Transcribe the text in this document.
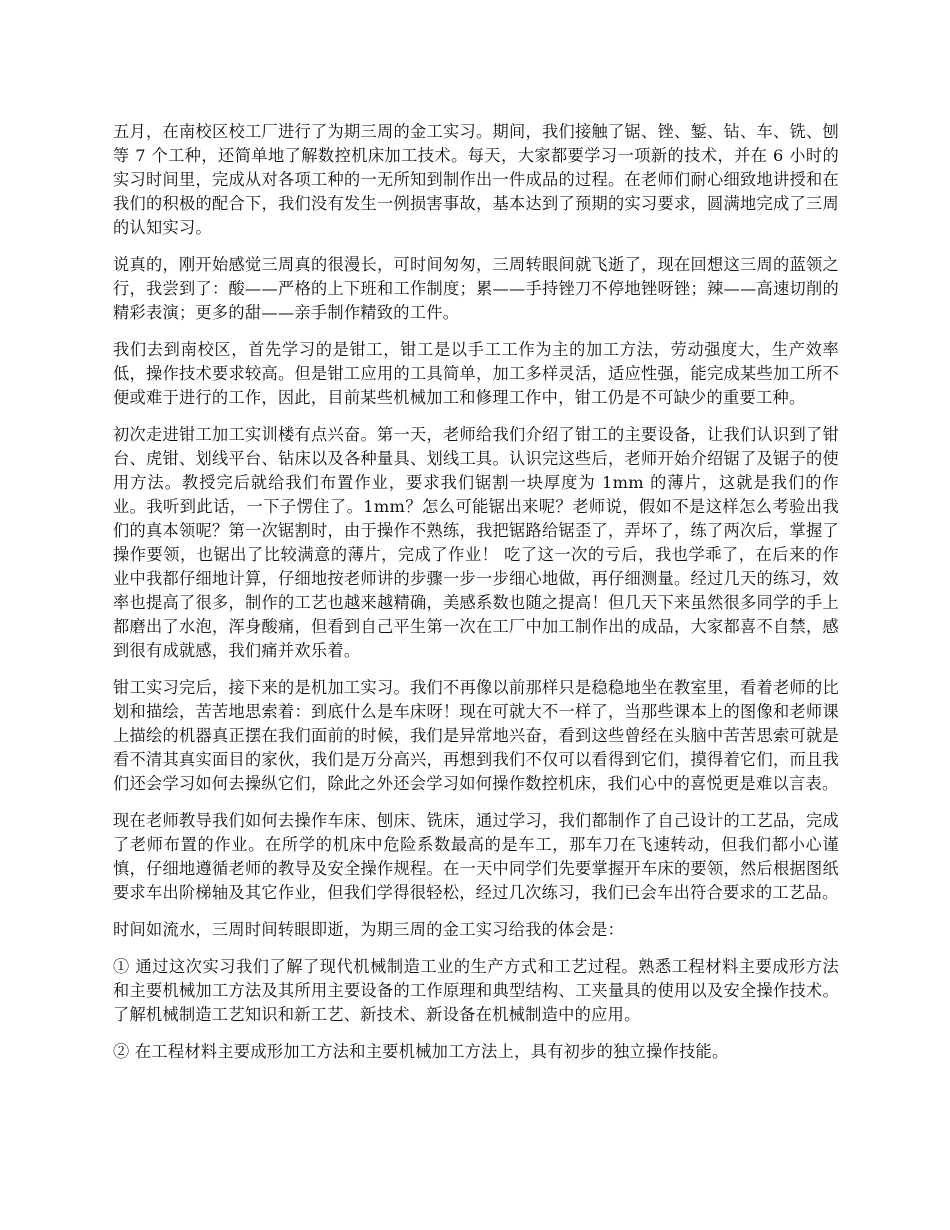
五月，在南校区校工厂进行了为期三周的金工实习。期间，我们接触了锯、锉、錾、钻、车、铣、刨等 7 个工种，还简单地了解数控机床加工技术。每天，大家都要学习一项新的技术，并在 6 小时的实习时间里，完成从对各项工种的一无所知到制作出一件成品的过程。在老师们耐心细致地讲授和在我们的积极的配合下，我们没有发生一例损害事故，基本达到了预期的实习要求，圆满地完成了三周的认知实习。

说真的，刚开始感觉三周真的很漫长，可时间匆匆，三周转眼间就飞逝了，现在回想这三周的蓝领之行，我尝到了：酸——严格的上下班和工作制度；累——手持锉刀不停地锉呀锉；辣——高速切削的精彩表演；更多的甜——亲手制作精致的工件。

我们去到南校区，首先学习的是钳工，钳工是以手工工作为主的加工方法，劳动强度大，生产效率低，操作技术要求较高。但是钳工应用的工具简单，加工多样灵活，适应性强，能完成某些加工所不便或难于进行的工作，因此，目前某些机械加工和修理工作中，钳工仍是不可缺少的重要工种。

初次走进钳工加工实训楼有点兴奋。第一天，老师给我们介绍了钳工的主要设备，让我们认识到了钳台、虎钳、划线平台、钻床以及各种量具、划线工具。认识完这些后，老师开始介绍锯了及锯子的使用方法。教授完后就给我们布置作业，要求我们锯割一块厚度为 1mm 的薄片，这就是我们的作业。我听到此话，一下子愣住了。1mm？怎么可能锯出来呢？老师说，假如不是这样怎么考验出我们的真本领呢？第一次锯割时，由于操作不熟练，我把锯路给锯歪了，弄坏了，练了两次后，掌握了操作要领，也锯出了比较满意的薄片，完成了作业！ 吃了这一次的亏后，我也学乖了，在后来的作业中我都仔细地计算，仔细地按老师讲的步骤一步一步细心地做，再仔细测量。经过几天的练习，效率也提高了很多，制作的工艺也越来越精确，美感系数也随之提高！但几天下来虽然很多同学的手上都磨出了水泡，浑身酸痛，但看到自己平生第一次在工厂中加工制作出的成品，大家都喜不自禁，感到很有成就感，我们痛并欢乐着。

钳工实习完后，接下来的是机加工实习。我们不再像以前那样只是稳稳地坐在教室里，看着老师的比划和描绘，苦苦地思索着：到底什么是车床呀！现在可就大不一样了，当那些课本上的图像和老师课上描绘的机器真正摆在我们面前的时候，我们是异常地兴奋，看到这些曾经在头脑中苦苦思索可就是看不清其真实面目的家伙，我们是万分高兴，再想到我们不仅可以看得到它们，摸得着它们，而且我们还会学习如何去操纵它们，除此之外还会学习如何操作数控机床，我们心中的喜悦更是难以言表。

现在老师教导我们如何去操作车床、刨床、铣床，通过学习，我们都制作了自己设计的工艺品，完成了老师布置的作业。在所学的机床中危险系数最高的是车工，那车刀在飞速转动，但我们都小心谨慎，仔细地遵循老师的教导及安全操作规程。在一天中同学们先要掌握开车床的要领，然后根据图纸要求车出阶梯轴及其它作业，但我们学得很轻松，经过几次练习，我们已会车出符合要求的工艺品。

时间如流水，三周时间转眼即逝，为期三周的金工实习给我的体会是：

① 通过这次实习我们了解了现代机械制造工业的生产方式和工艺过程。熟悉工程材料主要成形方法和主要机械加工方法及其所用主要设备的工作原理和典型结构、工夹量具的使用以及安全操作技术。了解机械制造工艺知识和新工艺、新技术、新设备在机械制造中的应用。

② 在工程材料主要成形加工方法和主要机械加工方法上，具有初步的独立操作技能。
